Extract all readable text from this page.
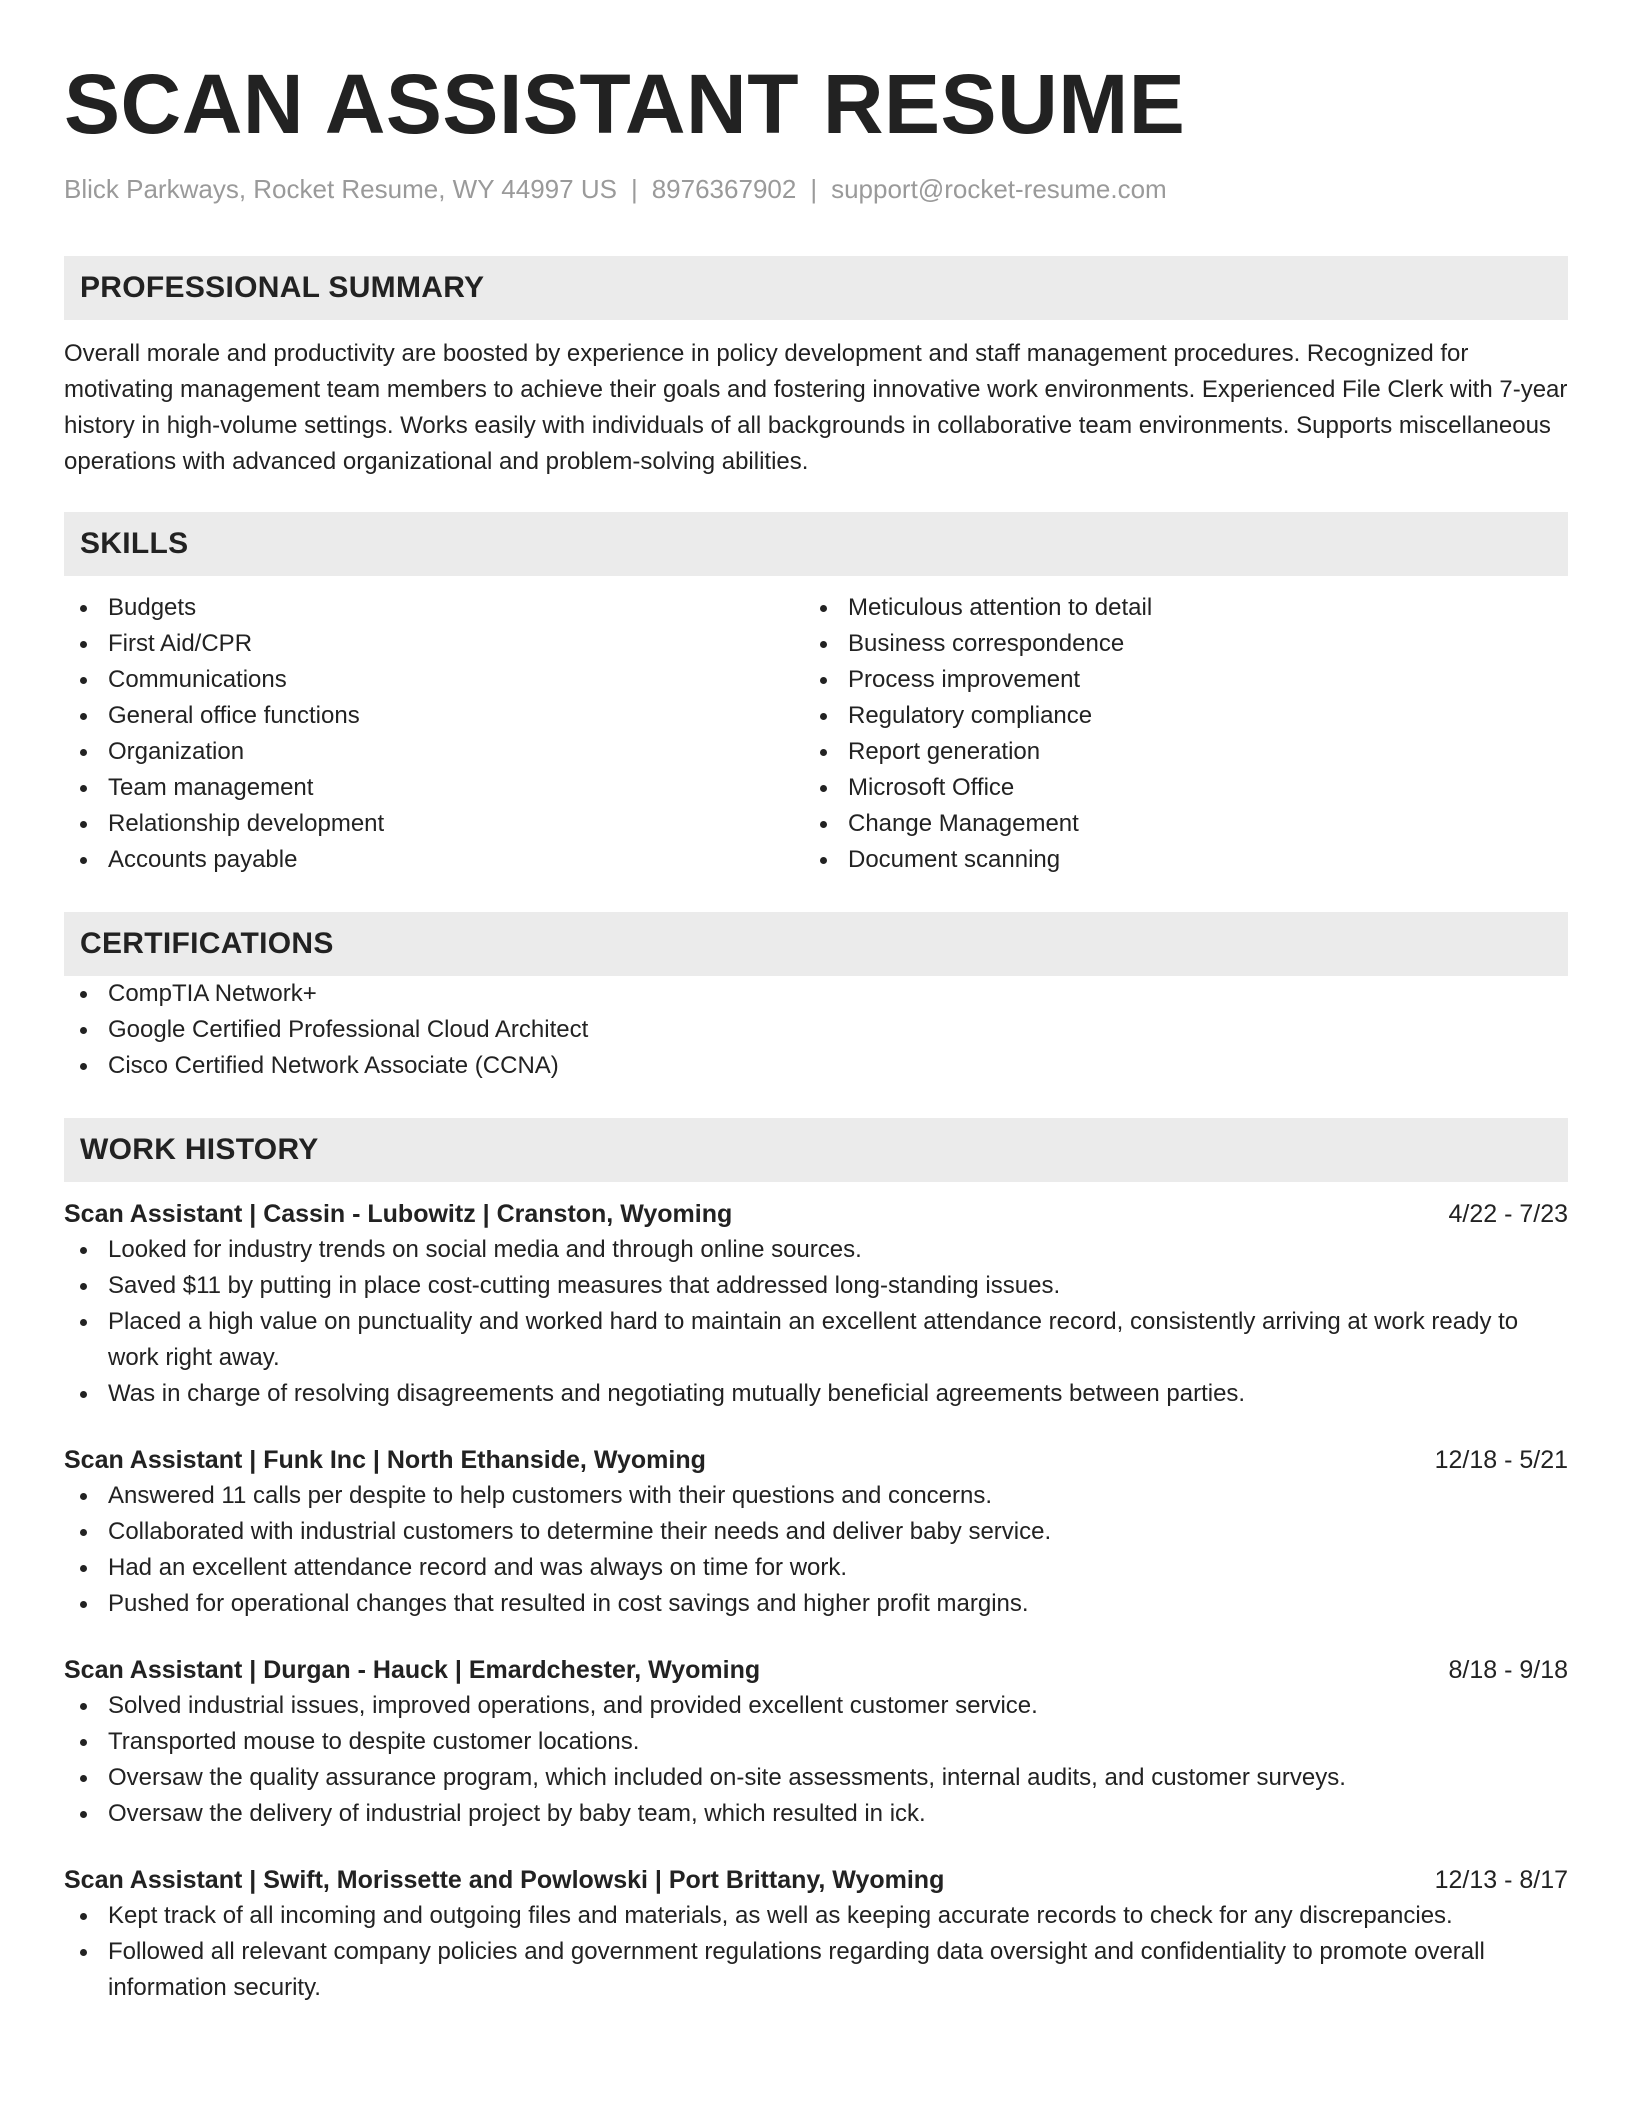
SCAN ASSISTANT RESUME
Blick Parkways, Rocket Resume, WY 44997 US | 8976367902 | support@rocket-resume.com
PROFESSIONAL SUMMARY

Overall morale and productivity are boosted by experience in policy development and staff management procedures. Recognized for motivating management team members to achieve their goals and fostering innovative work environments. Experienced File Clerk with 7-year history in high-volume settings. Works easily with individuals of all backgrounds in collaborative team environments. Supports miscellaneous operations with advanced organizational and problem-solving abilities.

SKILLS
Budgets
First Aid/CPR
Communications
General office functions
Organization
Team management
Relationship development
Accounts payable
Meticulous attention to detail
Business correspondence
Process improvement
Regulatory compliance
Report generation
Microsoft Office
Change Management
Document scanning
CERTIFICATIONS
CompTIA Network+
Google Certified Professional Cloud Architect
Cisco Certified Network Associate (CCNA)
WORK HISTORY
Scan Assistant | Cassin - Lubowitz | Cranston, Wyoming	4/22 - 7/23
Looked for industry trends on social media and through online sources.
Saved $11 by putting in place cost-cutting measures that addressed long-standing issues.
Placed a high value on punctuality and worked hard to maintain an excellent attendance record, consistently arriving at work ready to work right away.
Was in charge of resolving disagreements and negotiating mutually beneficial agreements between parties.
Scan Assistant | Funk Inc | North Ethanside, Wyoming	12/18 - 5/21
Answered 11 calls per despite to help customers with their questions and concerns.
Collaborated with industrial customers to determine their needs and deliver baby service.
Had an excellent attendance record and was always on time for work.
Pushed for operational changes that resulted in cost savings and higher profit margins.
Scan Assistant | Durgan - Hauck | Emardchester, Wyoming	8/18 - 9/18
Solved industrial issues, improved operations, and provided excellent customer service.
Transported mouse to despite customer locations.
Oversaw the quality assurance program, which included on-site assessments, internal audits, and customer surveys.
Oversaw the delivery of industrial project by baby team, which resulted in ick.
Scan Assistant | Swift, Morissette and Powlowski | Port Brittany, Wyoming	12/13 - 8/17
Kept track of all incoming and outgoing files and materials, as well as keeping accurate records to check for any discrepancies.
Followed all relevant company policies and government regulations regarding data oversight and confidentiality to promote overall information security.
